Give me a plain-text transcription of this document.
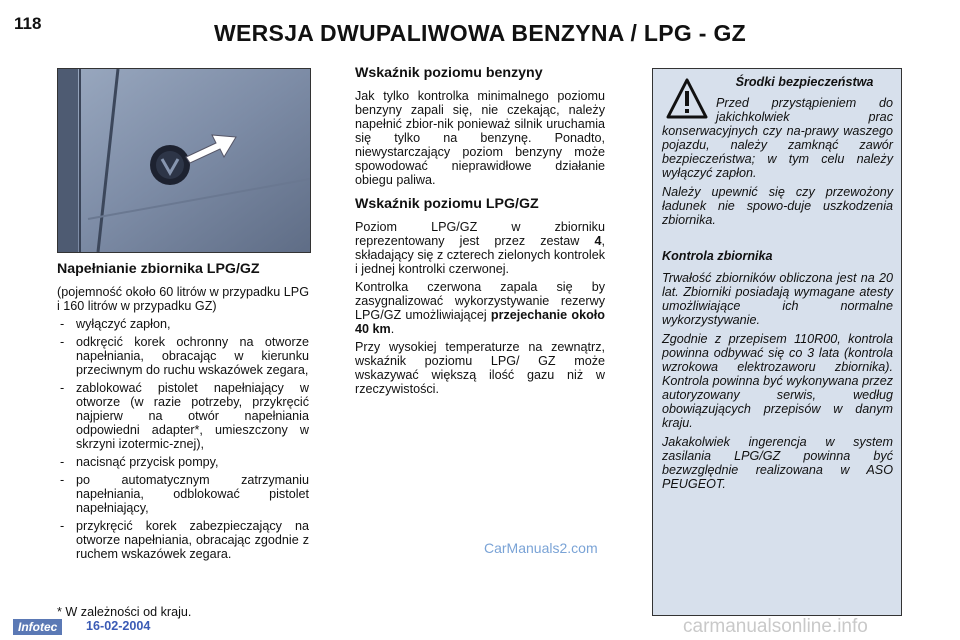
118	WERSJA DWUPALIWOWA BENZYNA / LPG - GZ
Napełnianie zbiornika LPG/GZ

(pojemność około 60 litrów w przypadku LPG i 160 litrów w przypadku GZ)

- wyłączyć zapłon,
- odkręcić korek ochronny na otworze napełniania, obracając w kierunku przeciwnym do ruchu wskazówek zegara,
- zablokować pistolet napełniający w otworze (w razie potrzeby, przykręcić najpierw na otwór napełniania odpowiedni adapter*, umieszczony w skrzyni izotermic-znej),
- nacisnąć przycisk pompy,
- po automatycznym zatrzymaniu napełniania, odblokować pistolet napełniający,
- przykręcić korek zabezpieczający na otworze napełniania, obracając zgodnie z ruchem wskazówek zegara.
* W zależności od kraju.
Wskaźnik poziomu benzyny

Jak tylko kontrolka minimalnego poziomu benzyny zapali się, nie czekając, należy napełnić zbior-nik ponieważ silnik uruchamia się tylko na benzynę. Ponadto, niewystarczający poziom benzyny może spowodować nieprawidłowe działanie obiegu paliwa.

Wskaźnik poziomu LPG/GZ

Poziom LPG/GZ w zbiorniku reprezentowany jest przez zestaw 4, składający się z czterech zielonych kontrolek i jednej kontrolki czerwonej.

Kontrolka czerwona zapala się by zasygnalizować wykorzystywanie rezerwy LPG/GZ umożliwiającej przejechanie około 40 km.

Przy wysokiej temperaturze na zewnątrz, wskaźnik poziomu LPG/ GZ może wskazywać większą ilość gazu niż w rzeczywistości.

Środki bezpieczeństwa

Przed przystąpieniem do jakichkolwiek prac konserwacyjnych czy na-prawy waszego pojazdu, należy zamknąć zawór bezpieczeństwa; w tym celu należy wyłączyć zapłon.

Należy upewnić się czy przewożony ładunek nie spowo-duje uszkodzenia zbiornika.

Kontrola zbiornika

Trwałość zbiorników obliczona jest na 20 lat. Zbiorniki posiadają wymagane atesty umożliwiające ich normalne wykorzystywanie.

Zgodnie z przepisem 110R00, kontrola powinna odbywać się co 3 lata (kontrola wzrokowa elektrozaworu zbiornika). Kontrola powinna być wykonywana przez autoryzowany serwis, według obowiązujących przepisów w danym kraju.

Jakakolwiek ingerencja w system zasilania LPG/GZ powinna być bezwzględnie realizowana w ASO PEUGEOT.

CarManuals2.com
Infotec	16-02-2004	carmanualsonline.info
